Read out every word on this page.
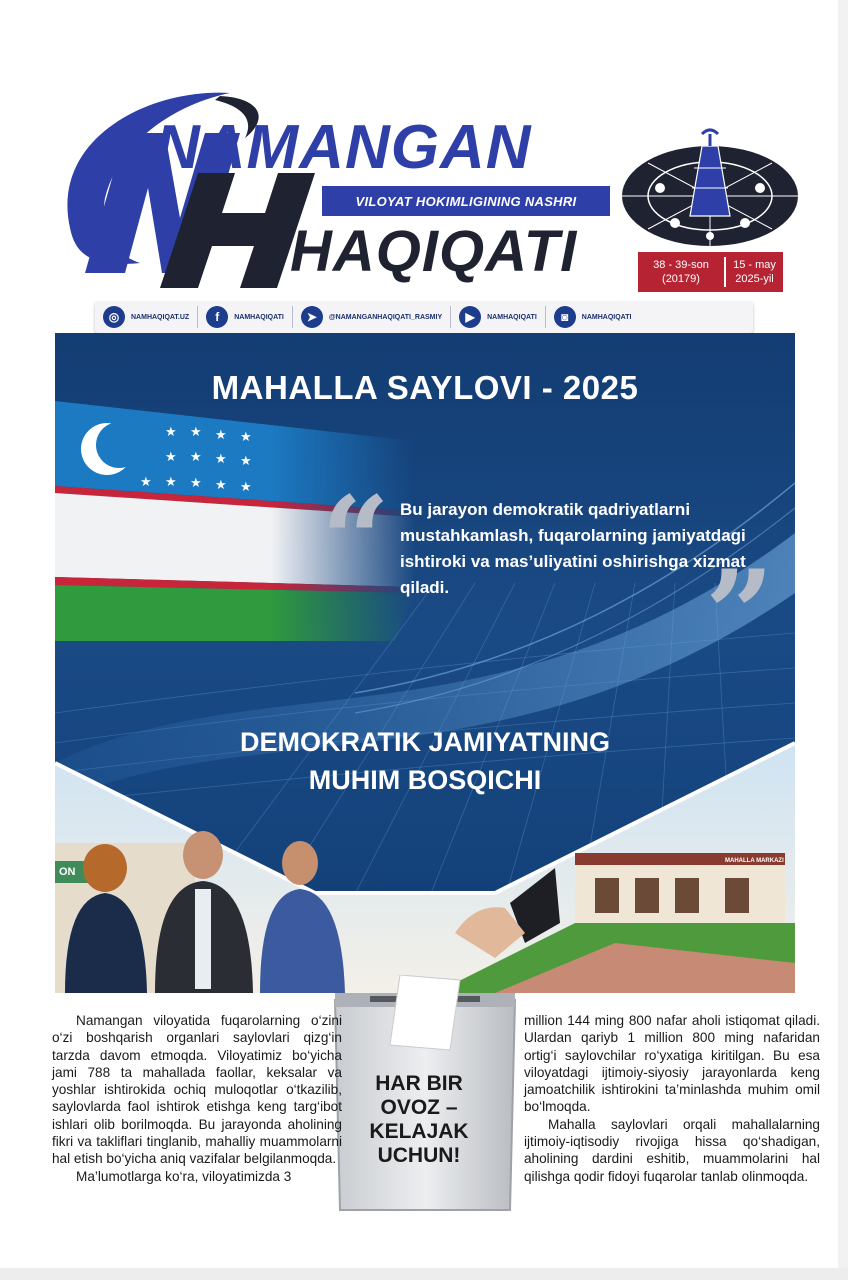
NAMANGAN
VILOYAT HOKIMLIGINING NASHRI
HAQIQATI	38 - 39-son
(20179)
15 - may
2025-yil
◎	NAMHAQIQAT.UZ	f	NAMHAQIQATI	➤	@NAMANGANHAQIQATI_RASMIY	▶	NAMHAQIQATI	◙	NAMHAQIQATI
★ ★ ★ ★
★ ★ ★ ★
★ ★ ★ ★ ★
MAHALLA SAYLOVI - 2025
“ Bu jarayon demokratik qadriyatlarni mustahkamlash, fuqarolarning jamiyatdagi ishtiroki va mas’uliyatini oshirishga xizmat qiladi.	”
DEMOKRATIK JAMIYATNING
MUHIM BOSQICHI
MAHALLA MARKAZI
ON
HAR BIR
OVOZ –
KELAJAK
UCHUN!

Namangan viloyatida fuqarolarning o‘zini o‘zi boshqarish organlari saylovlari qizg‘in tarzda davom etmoqda. Viloyatimiz bo‘yicha jami 788 ta mahallada faollar, keksalar va yoshlar ishtirokida ochiq muloqotlar o‘tkazilib, saylovlarda faol ishtirok etishga keng targ‘ibot ishlari olib borilmoqda. Bu jarayonda aholining fikri va takliflari tinglanib, mahalliy muammolarni hal etish bo‘yicha aniq vazifalar belgilanmoqda.

Ma’lumotlarga ko‘ra, viloyatimizda 3

million 144 ming 800 nafar aholi istiqomat qiladi. Ulardan qariyb 1 million 800 ming nafaridan ortig‘i saylovchilar ro‘yxatiga kiritilgan. Bu esa viloyatdagi ijtimoiy-siyosiy jarayonlarda keng jamoatchilik ishtirokini ta’minlashda muhim omil bo‘lmoqda.

Mahalla saylovlari orqali mahallalarning ijtimoiy-iqtisodiy rivojiga hissa qo‘shadigan, aholining dardini eshitib, muammolarini hal qilishga qodir fidoyi fuqarolar tanlab olinmoqda.
